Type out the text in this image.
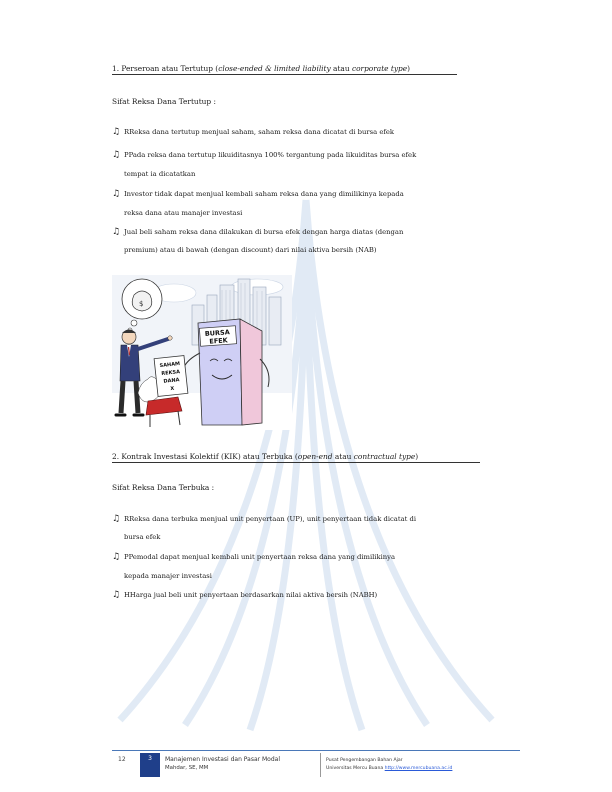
1. Perseroan atau Tertutup (close-ended & limited liability atau corporate type)
Sifat Reksa Dana Tertutup :
♫ RReksa dana tertutup menjual saham, saham reksa dana dicatat di bursa efek
♫ PPada reksa dana tertutup likuiditasnya 100% tergantung pada likuiditas bursa efek
tempat ia dicatatkan
♫ Investor tidak dapat menjual kembali saham reksa dana yang dimilikinya kepada
reksa dana atau manajer investasi
♫ Jual beli saham reksa dana dilakukan di bursa efek dengan harga diatas (dengan
premium) atau di bawah (dengan discount) dari nilai aktiva bersih (NAB)
$
BURSA
EFEK
SAHAM
REKSA
DANA
X
2. Kontrak Investasi Kolektif (KIK) atau Terbuka (open-end atau contractual type)
Sifat Reksa Dana Terbuka :
♫ RReksa dana terbuka menjual unit penyertaan (UP), unit penyertaan tidak dicatat di
bursa efek
♫ PPemodal dapat menjual kembali unit penyertaan reksa dana yang dimilikinya
kepada manajer investasi
♫ HHarga jual beli unit penyertaan berdasarkan nilai aktiva bersih (NABH)
12	3	Manajemen Investasi dan Pasar Modal
Mahdar, SE, MM
Pusat Pengembangan Bahan Ajar
Universitas Mercu Buana http://www.mercubuana.ac.id
